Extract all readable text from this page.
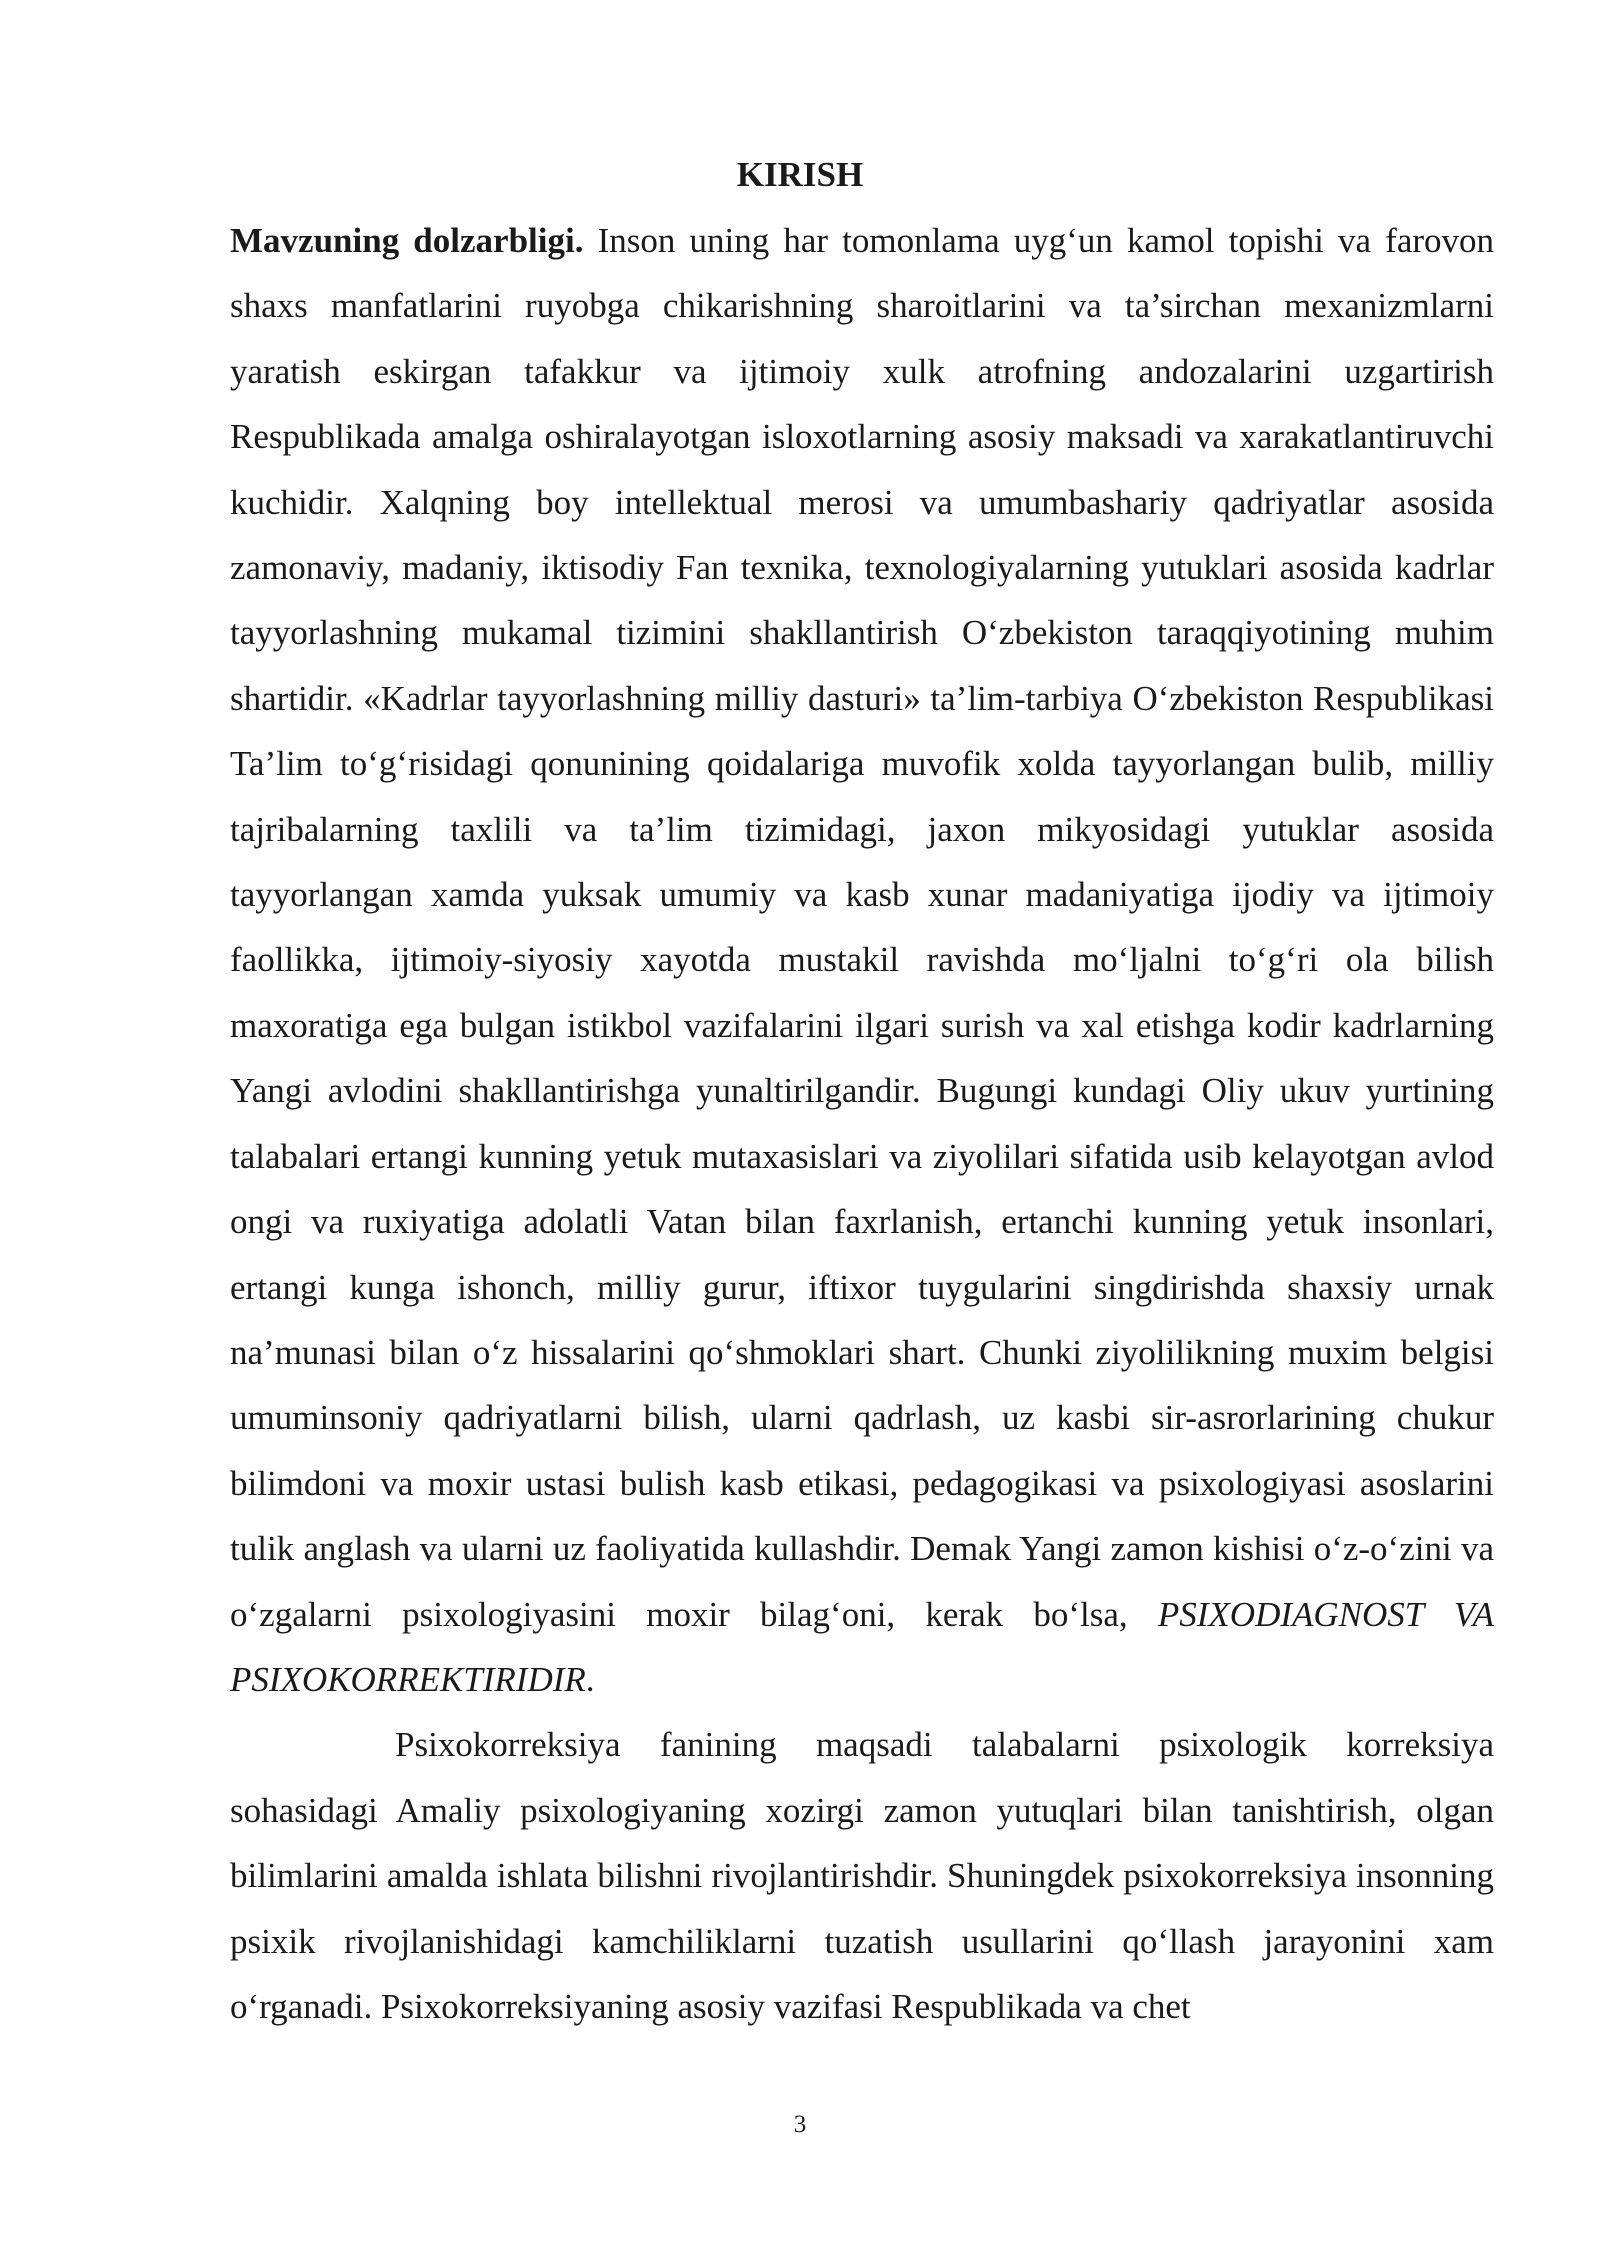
KIRISH

Mavzuning dolzarbligi. Inson uning har tomonlama uyg‘un kamol topishi va farovon shaxs manfatlarini ruyobga chikarishning sharoitlarini va ta’sirchan mexanizmlarni yaratish eskirgan tafakkur va ijtimoiy xulk atrofning andozalarini uzgartirish Respublikada amalga oshiralayotgan isloxotlarning asosiy maksadi va xarakatlantiruvchi kuchidir. Xalqning boy intellektual merosi va umumbashariy qadriyatlar asosida zamonaviy, madaniy, iktisodiy Fan texnika, texnologiyalarning yutuklari asosida kadrlar tayyorlashning mukamal tizimini shakllantirish O‘zbekiston taraqqiyotining muhim shartidir. «Kadrlar tayyorlashning milliy dasturi» ta’lim-tarbiya O‘zbekiston Respublikasi Ta’lim to‘g‘risidagi qonunining qoidalariga muvofik xolda tayyorlangan bulib, milliy tajribalarning taxlili va ta’lim tizimidagi, jaxon mikyosidagi yutuklar asosida tayyorlangan xamda yuksak umumiy va kasb xunar madaniyatiga ijodiy va ijtimoiy faollikka, ijtimoiy-siyosiy xayotda mustakil ravishda mo‘ljalni to‘g‘ri ola bilish maxoratiga ega bulgan istikbol vazifalarini ilgari surish va xal etishga kodir kadrlarning Yangi avlodini shakllantirishga yunaltirilgandir. Bugungi kundagi Oliy ukuv yurtining talabalari ertangi kunning yetuk mutaxasislari va ziyolilari sifatida usib kelayotgan avlod ongi va ruxiyatiga adolatli Vatan bilan faxrlanish, ertanchi kunning yetuk insonlari, ertangi kunga ishonch, milliy gurur, iftixor tuygularini singdirishda shaxsiy urnak na’munasi bilan o‘z hissalarini qo‘shmoklari shart. Chunki ziyolilikning muxim belgisi umuminsoniy qadriyatlarni bilish, ularni qadrlash, uz kasbi sir-asrorlarining chukur bilimdoni va moxir ustasi bulish kasb etikasi, pedagogikasi va psixologiyasi asoslarini tulik anglash va ularni uz faoliyatida kullashdir. Demak Yangi zamon kishisi o‘z-o‘zini va o‘zgalarni psixologiyasini moxir bilag‘oni, kerak bo‘lsa, PSIXODIAGNOST VA PSIXOKORREKTIRIDIR.

Psixokorreksiya fanining maqsadi talabalarni psixologik korreksiya sohasidagi Amaliy psixologiyaning xozirgi zamon yutuqlari bilan tanishtirish, olgan bilimlarini amalda ishlata bilishni rivojlantirishdir. Shuningdek psixokorreksiya insonning psixik rivojlanishidagi kamchiliklarni tuzatish usullarini qo‘llash jarayonini xam o‘rganadi. Psixokorreksiyaning asosiy vazifasi Respublikada va chet

3
